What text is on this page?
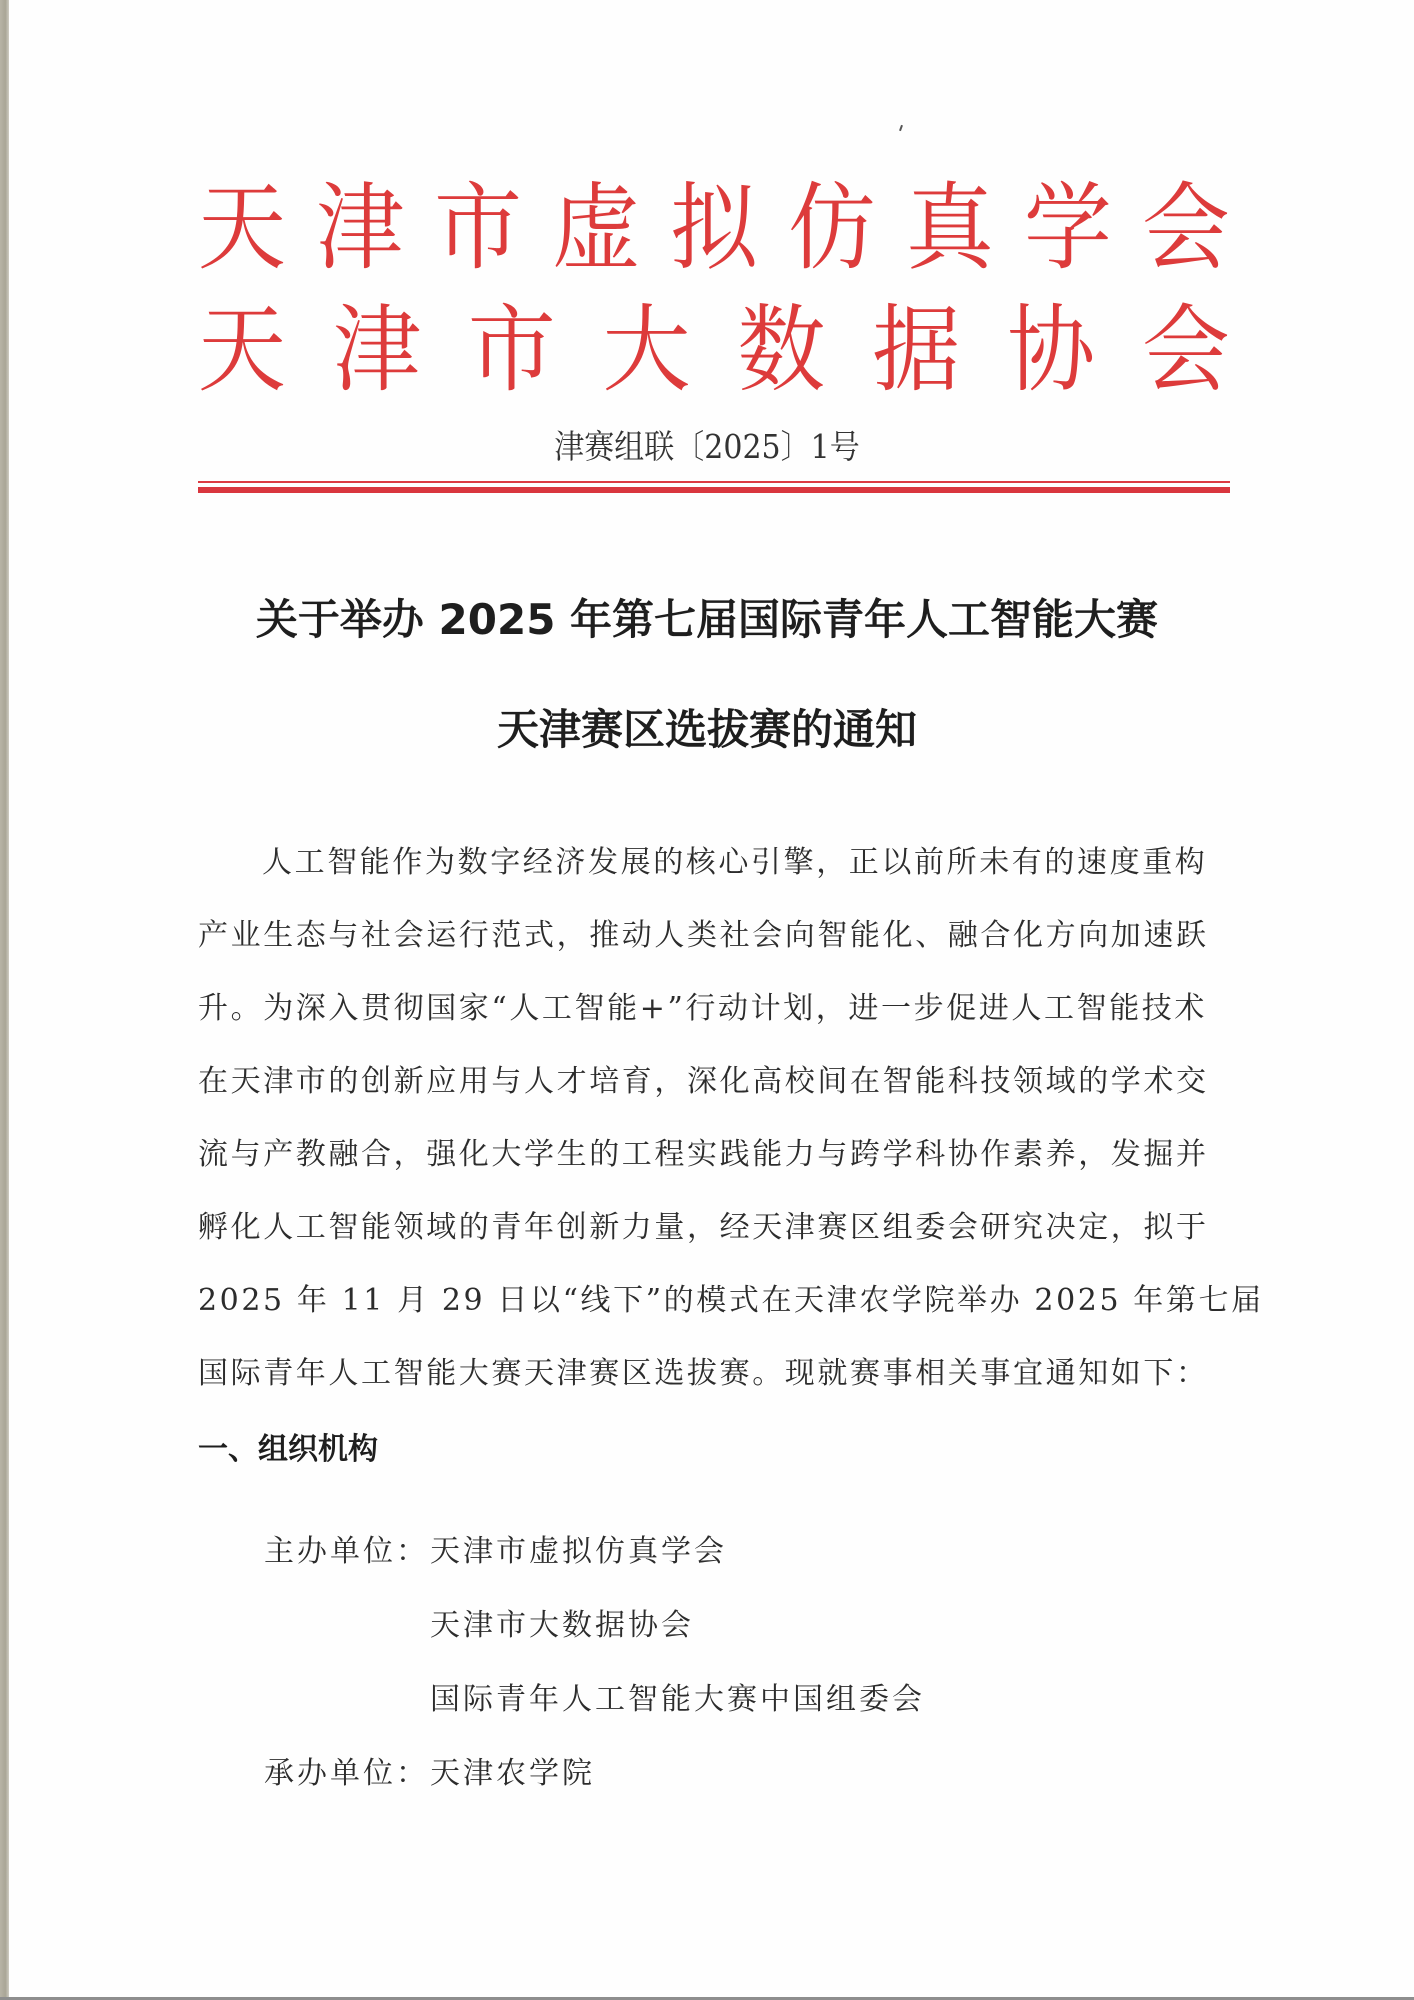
天 津 市 虚 拟 仿 真 学 会
天 津 市 大 数 据 协 会
津赛组联〔2025〕1号
关于举办 2025 年第七届国际青年人工智能大赛
天津赛区选拔赛的通知
人工智能作为数字经济发展的核心引擎，正以前所未有的速度重构
产业生态与社会运行范式，推动人类社会向智能化、融合化方向加速跃
升。为深入贯彻国家“人工智能+”行动计划，进一步促进人工智能技术
在天津市的创新应用与人才培育，深化高校间在智能科技领域的学术交
流与产教融合，强化大学生的工程实践能力与跨学科协作素养，发掘并
孵化人工智能领域的青年创新力量，经天津赛区组委会研究决定，拟于
2025 年 11 月 29 日以“线下”的模式在天津农学院举办 2025 年第七届
国际青年人工智能大赛天津赛区选拔赛。现就赛事相关事宜通知如下：
一、组织机构
主办单位：天津市虚拟仿真学会
天津市大数据协会
国际青年人工智能大赛中国组委会
承办单位：天津农学院
